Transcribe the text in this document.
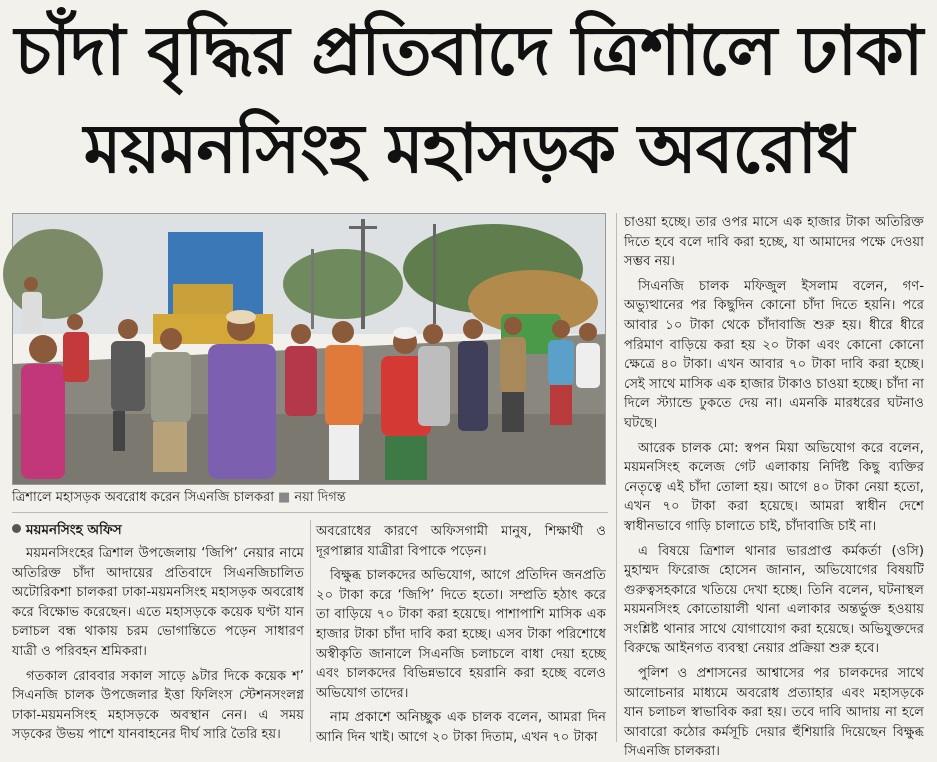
চাঁদা বৃদ্ধির প্রতিবাদে ত্রিশালে ঢাকা
ময়মনসিংহ মহাসড়ক অবরোধ
ত্রিশালে মহাসড়ক অবরোধ করেন সিএনজি চালকরা ■ নয়া দিগন্ত
ময়মনসিংহ অফিস

ময়মনসিংহের ত্রিশাল উপজেলায় ‘জিপি’ নেয়ার নামে অতিরিক্ত চাঁদা আদায়ের প্রতিবাদে সিএনজিচালিত অটোরিকশা চালকরা ঢাকা-ময়মনসিংহ মহাসড়ক অবরোধ করে বিক্ষোভ করেছেন। এতে মহাসড়কে কয়েক ঘণ্টা যান চলাচল বন্ধ থাকায় চরম ভোগান্তিতে পড়েন সাধারণ যাত্রী ও পরিবহন শ্রমিকরা।

গতকাল রোববার সকাল সাড়ে ৯টার দিকে কয়েক শ’ সিএনজি চালক উপজেলার ইত্তা ফিলিংস স্টেশনসংলগ্ন ঢাকা-ময়মনসিংহ মহাসড়কে অবস্থান নেন। এ সময় সড়কের উভয় পাশে যানবাহনের দীর্ঘ সারি তৈরি হয়।

অবরোধের কারণে অফিসগামী মানুষ, শিক্ষার্থী ও দূরপাল্লার যাত্রীরা বিপাকে পড়েন।

বিক্ষুব্ধ চালকদের অভিযোগ, আগে প্রতিদিন জনপ্রতি ২০ টাকা করে ‘জিপি’ দিতে হতো। সম্প্রতি হঠাৎ করে তা বাড়িয়ে ৭০ টাকা করা হয়েছে। পাশাপাশি মাসিক এক হাজার টাকা চাঁদা দাবি করা হচ্ছে। এসব টাকা পরিশোধে অস্বীকৃতি জানালে সিএনজি চলাচলে বাধা দেয়া হচ্ছে এবং চালকদের বিভিন্নভাবে হয়রানি করা হচ্ছে বলেও অভিযোগ তাদের।

নাম প্রকাশে অনিচ্ছুক এক চালক বলেন, আমরা দিন আনি দিন খাই। আগে ২০ টাকা দিতাম, এখন ৭০ টাকা

চাওয়া হচ্ছে। তার ওপর মাসে এক হাজার টাকা অতিরিক্ত দিতে হবে বলে দাবি করা হচ্ছে, যা আমাদের পক্ষে দেওয়া সম্ভব নয়।

সিএনজি চালক মফিজুল ইসলাম বলেন, গণ-অভ্যুত্থানের পর কিছুদিন কোনো চাঁদা দিতে হয়নি। পরে আবার ১০ টাকা থেকে চাঁদাবাজি শুরু হয়। ধীরে ধীরে পরিমাণ বাড়িয়ে করা হয় ২০ টাকা এবং কোনো কোনো ক্ষেত্রে ৪০ টাকা। এখন আবার ৭০ টাকা দাবি করা হচ্ছে। সেই সাথে মাসিক এক হাজার টাকাও চাওয়া হচ্ছে। চাঁদা না দিলে স্ট্যান্ডে ঢুকতে দেয় না। এমনকি মারধরের ঘটনাও ঘটছে।

আরেক চালক মো: স্বপন মিয়া অভিযোগ করে বলেন, ময়মনসিংহ কলেজ গেট এলাকায় নির্দিষ্ট কিছু ব্যক্তির নেতৃত্বে এই চাঁদা তোলা হয়। আগে ৪০ টাকা নেয়া হতো, এখন ৭০ টাকা করা হয়েছে। আমরা স্বাধীন দেশে স্বাধীনভাবে গাড়ি চালাতে চাই, চাঁদাবাজি চাই না।

এ বিষয়ে ত্রিশাল থানার ভারপ্রাপ্ত কর্মকর্তা (ওসি) মুহাম্মদ ফিরোজ হোসেন জানান, অভিযোগের বিষয়টি গুরুত্বসহকারে খতিয়ে দেখা হচ্ছে। তিনি বলেন, ঘটনাস্থল ময়মনসিংহ কোতোয়ালী থানা এলাকার অন্তর্ভুক্ত হওয়ায় সংশ্লিষ্ট থানার সাথে যোগাযোগ করা হয়েছে। অভিযুক্তদের বিরুদ্ধে আইনগত ব্যবস্থা নেয়ার প্রক্রিয়া শুরু হবে।

পুলিশ ও প্রশাসনের আশ্বাসের পর চালকদের সাথে আলোচনার মাধ্যমে অবরোধ প্রত্যাহার এবং মহাসড়কে যান চলাচল স্বাভাবিক করা হয়। তবে দাবি আদায় না হলে আবারো কঠোর কর্মসূচি দেয়ার হুঁশিয়ারি দিয়েছেন বিক্ষুব্ধ সিএনজি চালকরা।
